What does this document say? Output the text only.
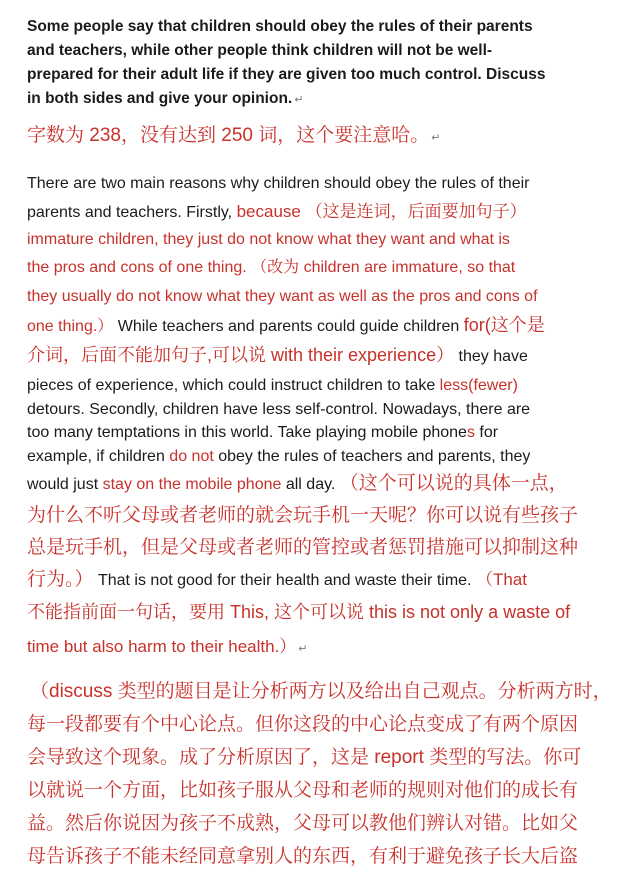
Some people say that children should obey the rules of their parents
and teachers, while other people think children will not be well-
prepared for their adult life if they are given too much control. Discuss
in both sides and give your opinion. ↵
字数为 238，没有达到 250 词，这个要注意哈。 ↵
There are two main reasons why children should obey the rules of their
parents and teachers. Firstly, because （这是连词，后面要加句子）
immature children, they just do not know what they want and what is
the pros and cons of one thing. （改为 children are immature, so that
they usually do not know what they want as well as the pros and cons of
one thing.） While teachers and parents could guide children for(这个是
介词，后面不能加句子,可以说 with their experience） they have
pieces of experience, which could instruct children to take less(fewer)
detours. Secondly, children have less self-control. Nowadays, there are
too many temptations in this world. Take playing mobile phones for
example, if children do not obey the rules of teachers and parents, they
would just stay on the mobile phone all day. （这个可以说的具体一点，
为什么不听父母或者老师的就会玩手机一天呢？你可以说有些孩子
总是玩手机，但是父母或者老师的管控或者惩罚措施可以抑制这种
行为。） That is not good for their health and waste their time. （That
不能指前面一句话，要用 This, 这个可以说 this is not only a waste of
time but also harm to their health.） ↵
（discuss 类型的题目是让分析两方以及给出自己观点。分析两方时，
每一段都要有个中心论点。但你这段的中心论点变成了有两个原因
会导致这个现象。成了分析原因了，这是 report 类型的写法。你可
以就说一个方面，比如孩子服从父母和老师的规则对他们的成长有
益。然后你说因为孩子不成熟，父母可以教他们辨认对错。比如父
母告诉孩子不能未经同意拿别人的东西，有利于避免孩子长大后盗
